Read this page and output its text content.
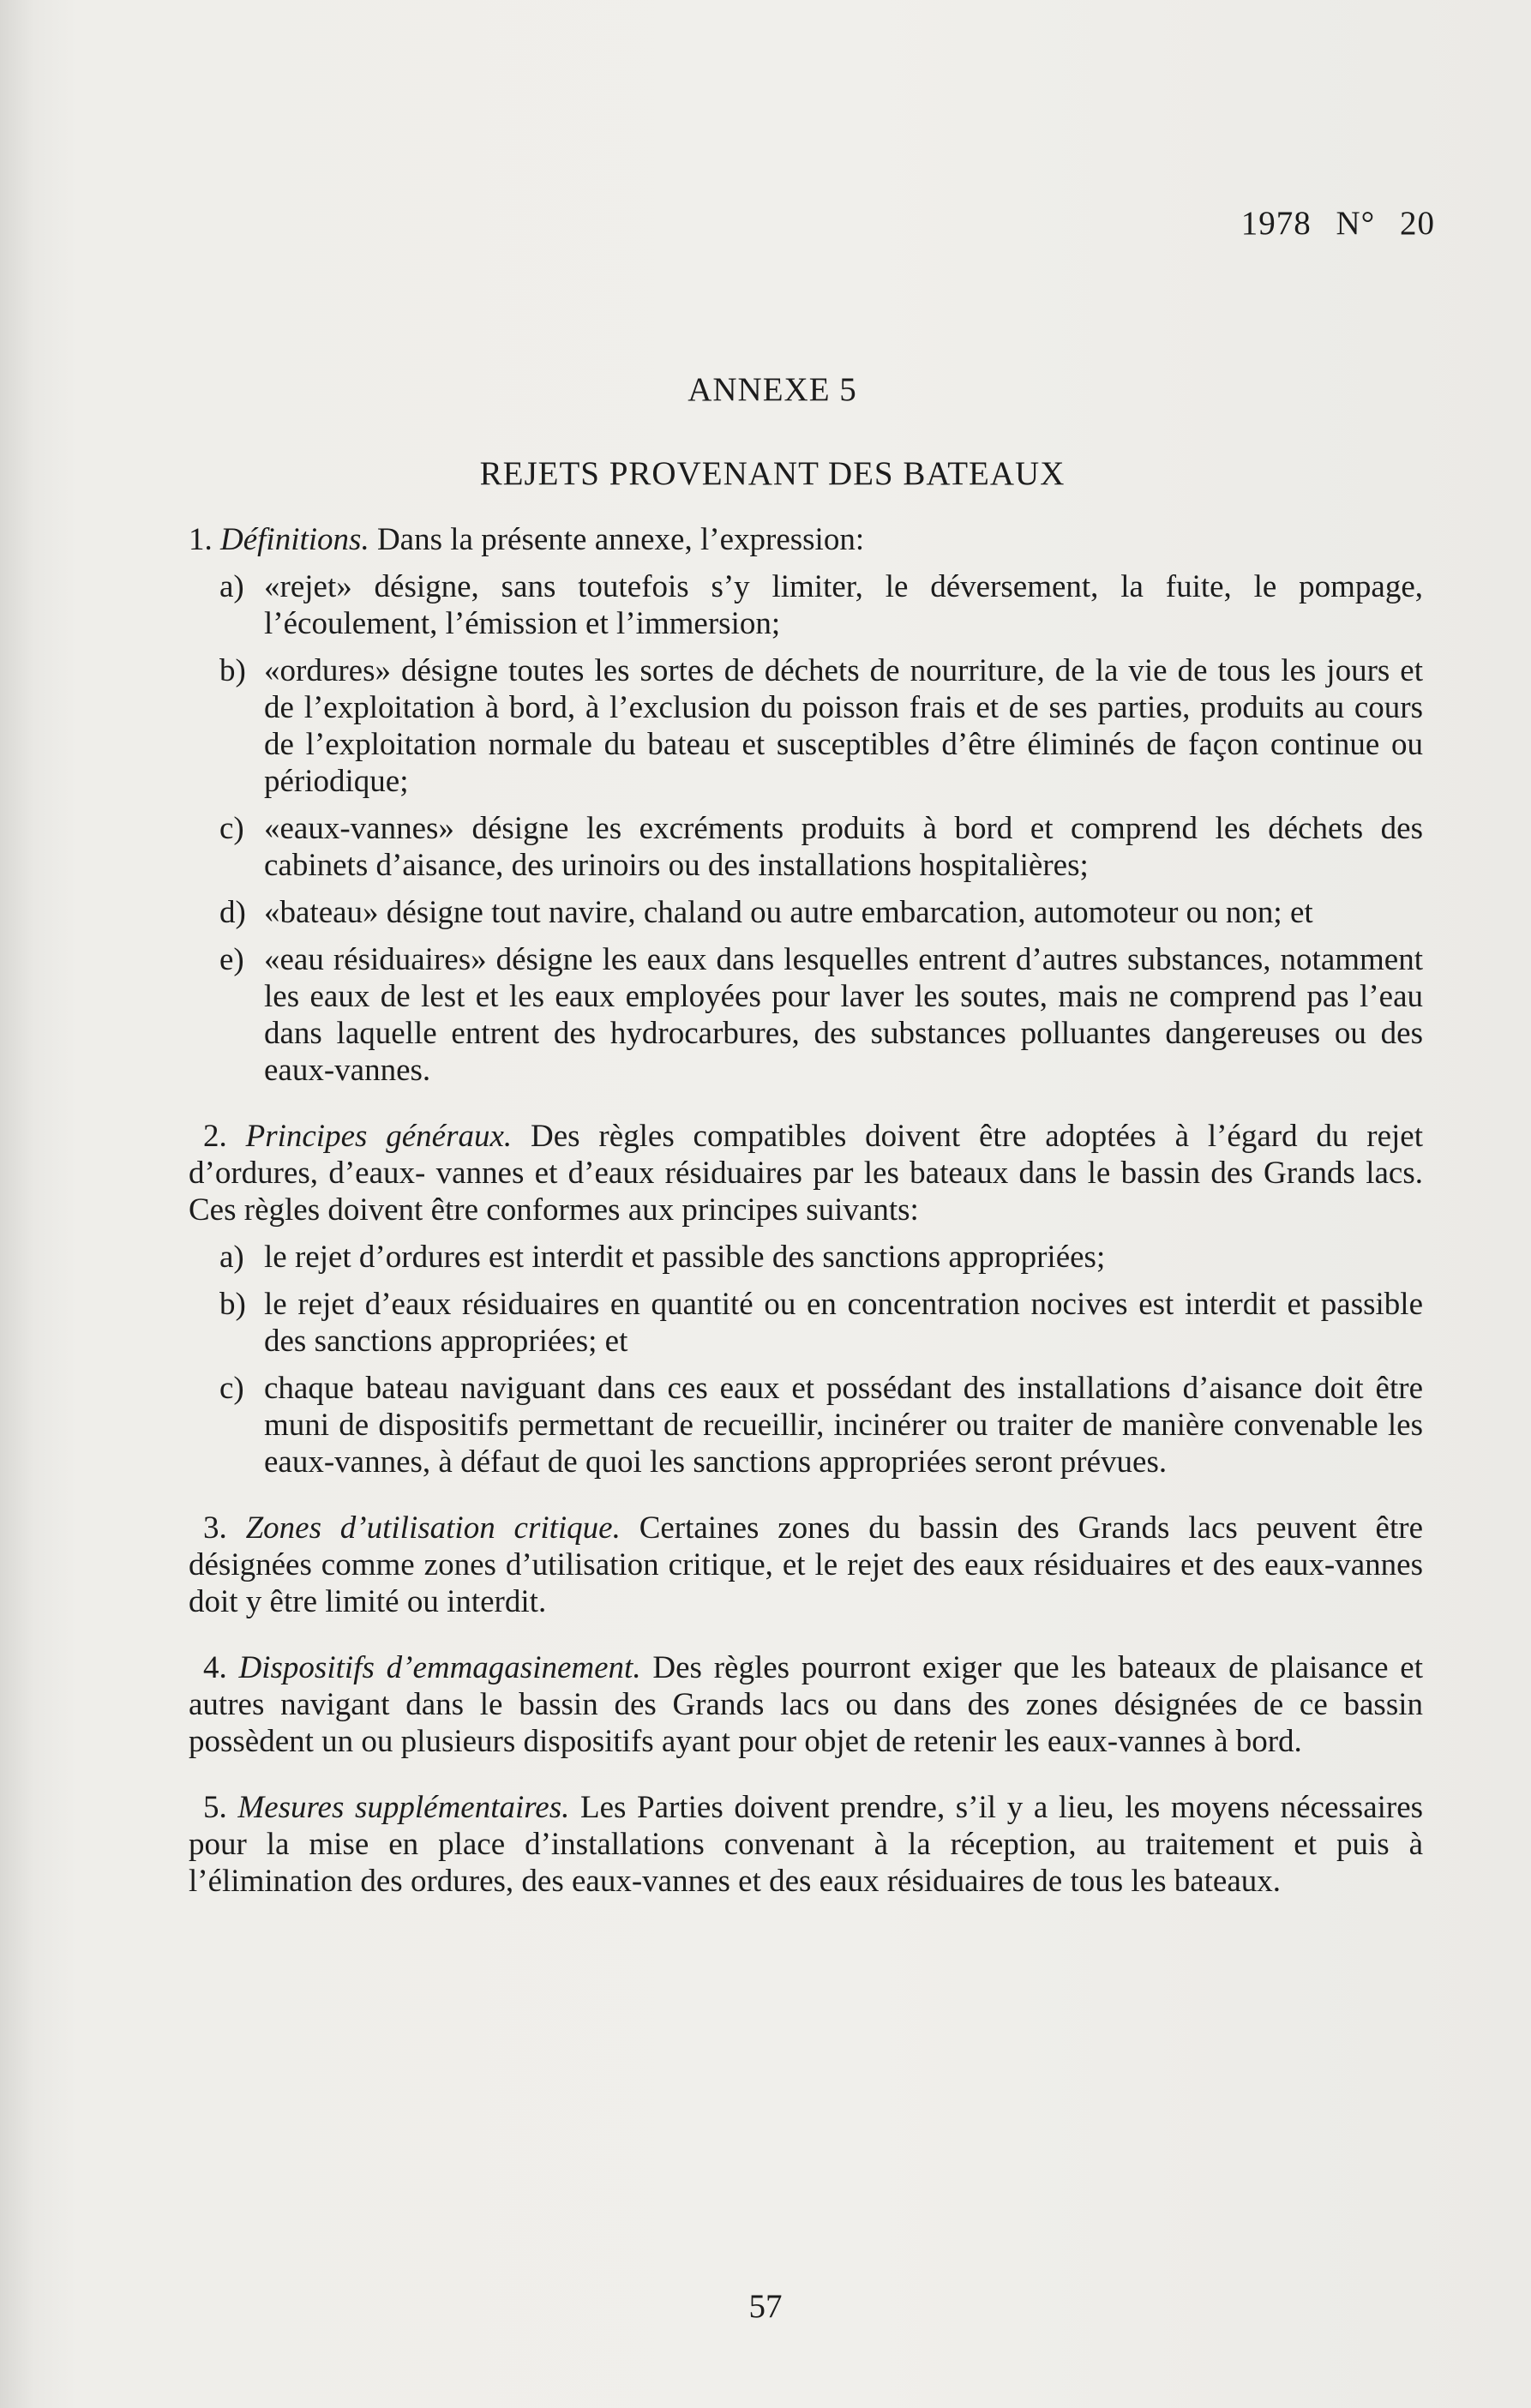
1978 N° 20
ANNEXE 5
REJETS PROVENANT DES BATEAUX

1. Définitions. Dans la présente annexe, l’expression:

a) «rejet» désigne, sans toutefois s’y limiter, le déversement, la fuite, le pompage, l’écoulement, l’émission et l’immersion;
b) «ordures» désigne toutes les sortes de déchets de nourriture, de la vie de tous les jours et de l’exploitation à bord, à l’exclusion du poisson frais et de ses parties, produits au cours de l’exploitation normale du bateau et susceptibles d’être éliminés de façon continue ou périodique;
c) «eaux-vannes» désigne les excréments produits à bord et comprend les déchets des cabinets d’aisance, des urinoirs ou des installations hospitalières;
d) «bateau» désigne tout navire, chaland ou autre embarcation, automoteur ou non; et
e) «eau résiduaires» désigne les eaux dans lesquelles entrent d’autres substances, notamment les eaux de lest et les eaux employées pour laver les soutes, mais ne comprend pas l’eau dans laquelle entrent des hydrocarbures, des substances polluantes dangereuses ou des eaux-vannes.

2. Principes généraux. Des règles compatibles doivent être adoptées à l’égard du rejet d’ordures, d’eaux- vannes et d’eaux résiduaires par les bateaux dans le bassin des Grands lacs. Ces règles doivent être conformes aux principes suivants:

a) le rejet d’ordures est interdit et passible des sanctions appropriées;
b) le rejet d’eaux résiduaires en quantité ou en concentration nocives est interdit et passible des sanctions appropriées; et
c) chaque bateau naviguant dans ces eaux et possédant des installations d’aisance doit être muni de dispositifs permettant de recueillir, incinérer ou traiter de manière convenable les eaux-vannes, à défaut de quoi les sanctions appropriées seront prévues.

3. Zones d’utilisation critique. Certaines zones du bassin des Grands lacs peuvent être désignées comme zones d’utilisation critique, et le rejet des eaux résiduaires et des eaux-vannes doit y être limité ou interdit.

4. Dispositifs d’emmagasinement. Des règles pourront exiger que les bateaux de plaisance et autres navigant dans le bassin des Grands lacs ou dans des zones désignées de ce bassin possèdent un ou plusieurs dispositifs ayant pour objet de retenir les eaux-vannes à bord.

5. Mesures supplémentaires. Les Parties doivent prendre, s’il y a lieu, les moyens nécessaires pour la mise en place d’installations convenant à la réception, au traitement et puis à l’élimination des ordures, des eaux-vannes et des eaux résiduaires de tous les bateaux.

57
